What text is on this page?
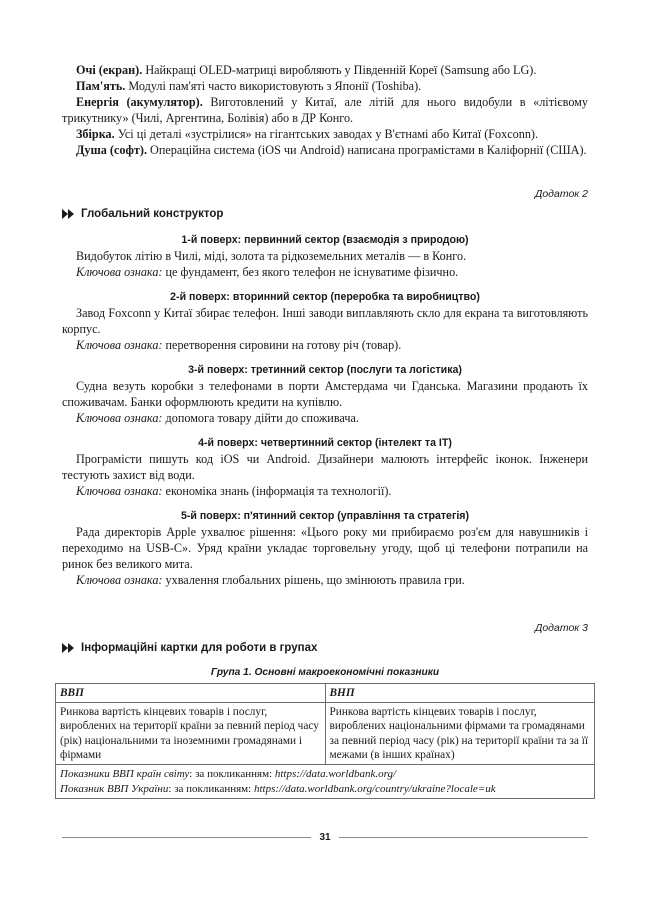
Очі (екран). Найкращі OLED-матриці виробляють у Південній Кореї (Samsung або LG).

Пам'ять. Модулі пам'яті часто використовують з Японії (Toshiba).

Енергія (акумулятор). Виготовлений у Китаї, але літій для нього видобули в «літієвому трикутнику» (Чилі, Аргентина, Болівія) або в ДР Конго.

Збірка. Усі ці деталі «зустрілися» на гігантських заводах у В'єтнамі або Китаї (Foxconn).

Душа (софт). Операційна система (iOS чи Android) написана програмістами в Каліфорнії (США).

Додаток 2

Глобальний конструктор

1-й поверх: первинний сектор (взаємодія з природою)

Видобуток літію в Чилі, міді, золота та рідкоземельних металів — в Конго.

Ключова ознака: це фундамент, без якого телефон не існуватиме фізично.

2-й поверх: вторинний сектор (переробка та виробництво)

Завод Foxconn у Китаї збирає телефон. Інші заводи виплавляють скло для екрана та виготовляють корпус.

Ключова ознака: перетворення сировини на готову річ (товар).

3-й поверх: третинний сектор (послуги та логістика)

Судна везуть коробки з телефонами в порти Амстердама чи Гданська. Магазини продають їх споживачам. Банки оформлюють кредити на купівлю.

Ключова ознака: допомога товару дійти до споживача.

4-й поверх: четвертинний сектор (інтелект та ІТ)

Програмісти пишуть код iOS чи Android. Дизайнери малюють інтерфейс іконок. Інженери тестують захист від води.

Ключова ознака: економіка знань (інформація та технології).

5-й поверх: п'ятинний сектор (управління та стратегія)

Рада директорів Apple ухвалює рішення: «Цього року ми прибираємо роз'єм для навушників і переходимо на USB-C». Уряд країни укладає торговельну угоду, щоб ці телефони потрапили на ринок без великого мита.

Ключова ознака: ухвалення глобальних рішень, що змінюють правила гри.

Додаток 3

Інформаційні картки для роботи в групах

Група 1. Основні макроекономічні показники

ВВП	ВНП
Ринкова вартість кінцевих товарів і послуг, вироблених на території країни за певний період часу (рік) національними та іноземними громадянами і фірмами	Ринкова вартість кінцевих товарів і послуг, вироблених національними фірмами та громадянами за певний період часу (рік) на території країни та за її межами (в інших країнах)

Показники ВВП країн світу: за покликанням: https://data.worldbank.org/
Показник ВВП України: за покликанням: https://data.worldbank.org/country/ukraine?locale=uk	
31
